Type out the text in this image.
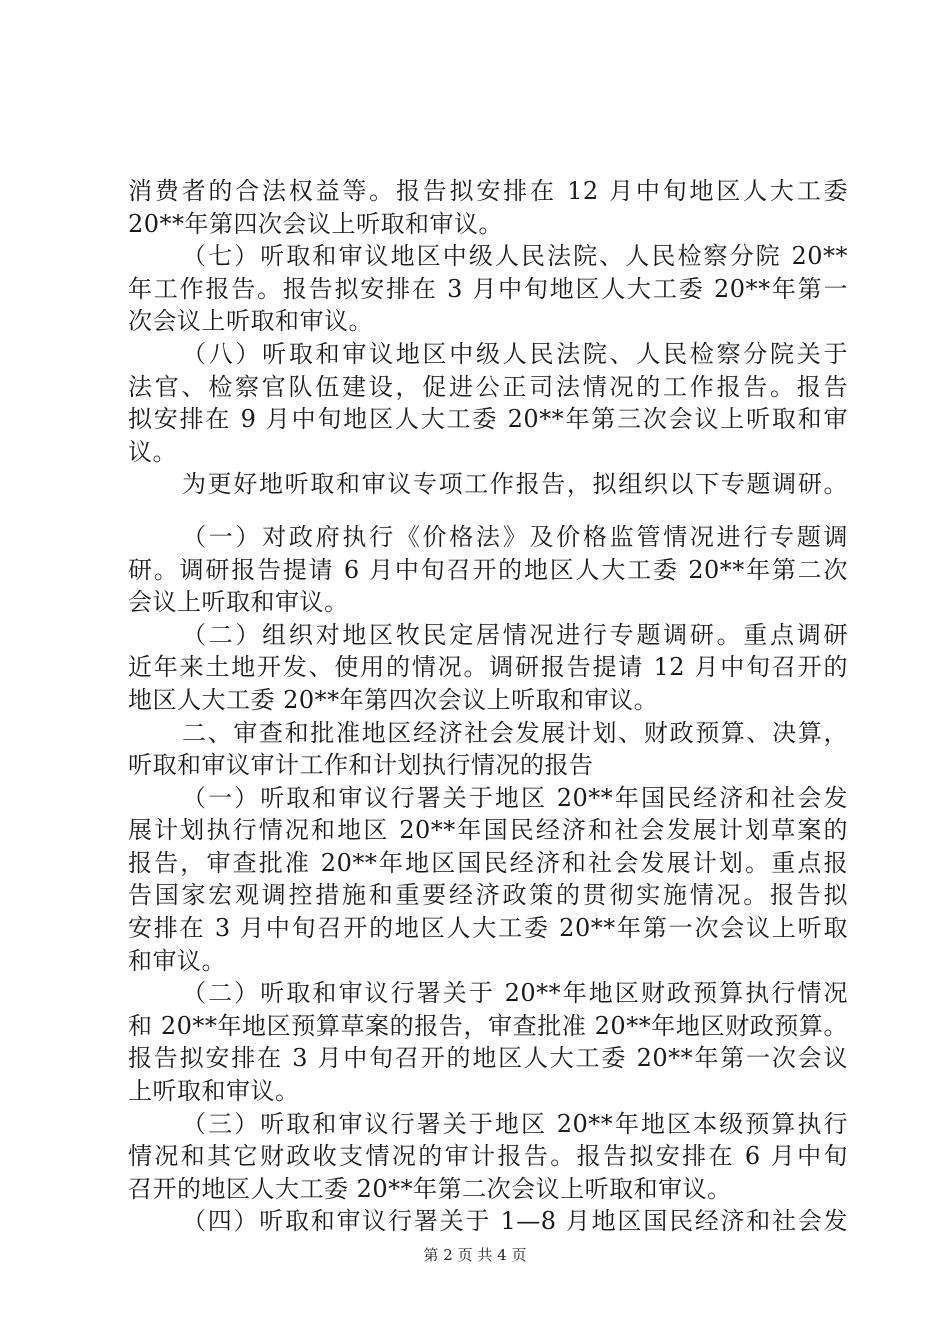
消费者的合法权益等。报告拟安排在 12 月中旬地区人大工委
20**年第四次会议上听取和审议。
（七）听取和审议地区中级人民法院、人民检察分院 20**
年工作报告。报告拟安排在 3 月中旬地区人大工委 20**年第一
次会议上听取和审议。
（八）听取和审议地区中级人民法院、人民检察分院关于
法官、检察官队伍建设，促进公正司法情况的工作报告。报告
拟安排在 9 月中旬地区人大工委 20**年第三次会议上听取和审
议。
为更好地听取和审议专项工作报告，拟组织以下专题调研。
（一）对政府执行《价格法》及价格监管情况进行专题调
研。调研报告提请 6 月中旬召开的地区人大工委 20**年第二次
会议上听取和审议。
（二）组织对地区牧民定居情况进行专题调研。重点调研
近年来土地开发、使用的情况。调研报告提请 12 月中旬召开的
地区人大工委 20**年第四次会议上听取和审议。
二、审查和批准地区经济社会发展计划、财政预算、决算，
听取和审议审计工作和计划执行情况的报告
（一）听取和审议行署关于地区 20**年国民经济和社会发
展计划执行情况和地区 20**年国民经济和社会发展计划草案的
报告，审查批准 20**年地区国民经济和社会发展计划。重点报
告国家宏观调控措施和重要经济政策的贯彻实施情况。报告拟
安排在 3 月中旬召开的地区人大工委 20**年第一次会议上听取
和审议。
（二）听取和审议行署关于 20**年地区财政预算执行情况
和 20**年地区预算草案的报告，审查批准 20**年地区财政预算。
报告拟安排在 3 月中旬召开的地区人大工委 20**年第一次会议
上听取和审议。
（三）听取和审议行署关于地区 20**年地区本级预算执行
情况和其它财政收支情况的审计报告。报告拟安排在 6 月中旬
召开的地区人大工委 20**年第二次会议上听取和审议。
（四）听取和审议行署关于 1—8 月地区国民经济和社会发
第 2 页 共 4 页
